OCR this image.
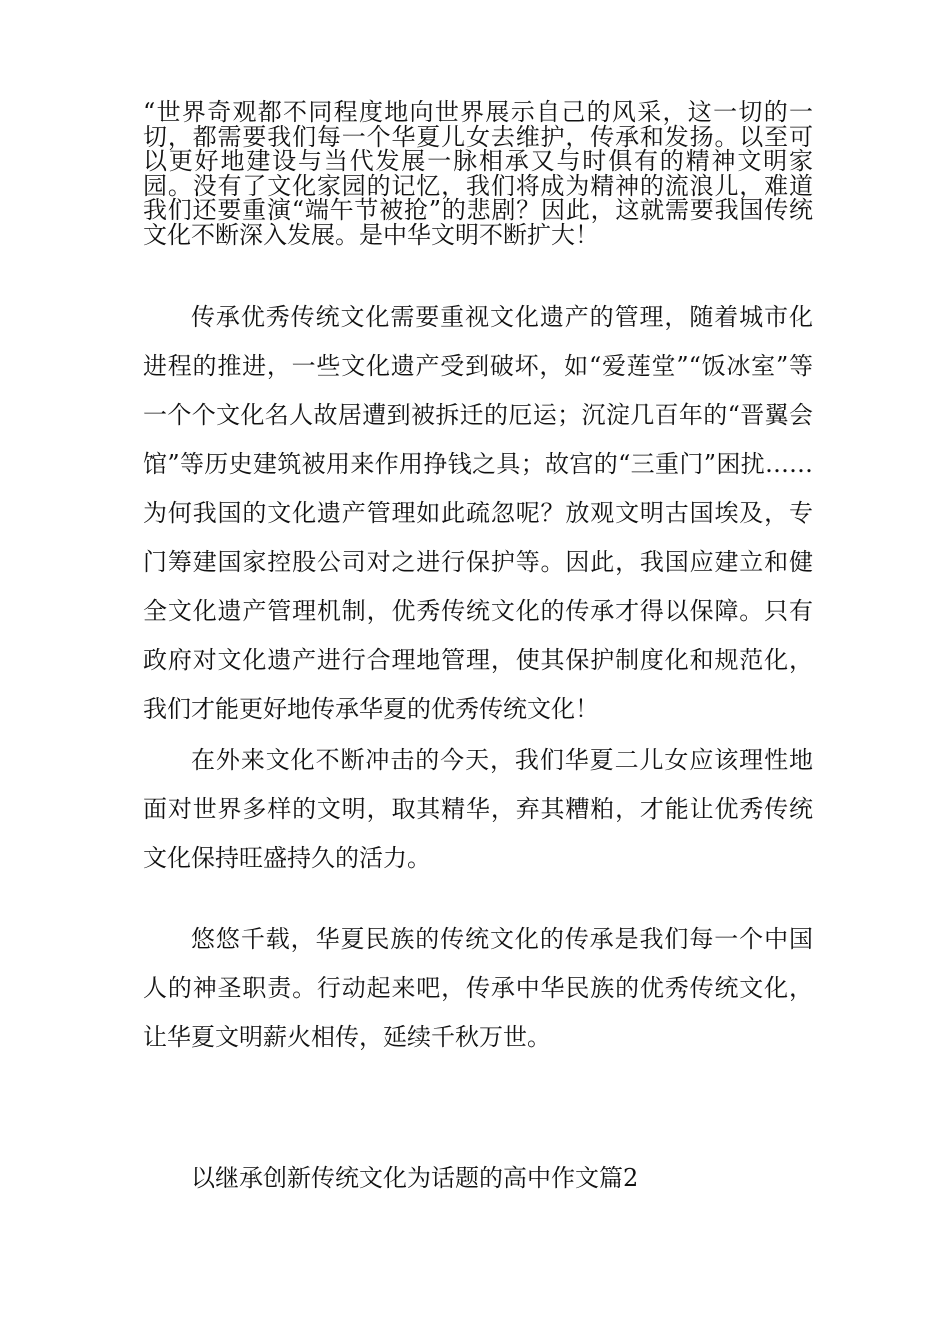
“世界奇观都不同程度地向世界展示自己的风采，这一切的一切，都需要我们每一个华夏儿女去维护，传承和发扬。以至可以更好地建设与当代发展一脉相承又与时俱有的精神文明家园。没有了文化家园的记忆，我们将成为精神的流浪儿，难道我们还要重演“端午节被抢”的悲剧？因此，这就需要我国传统文化不断深入发展。是中华文明不断扩大！

传承优秀传统文化需要重视文化遗产的管理，随着城市化进程的推进，一些文化遗产受到破坏，如“爱莲堂”“饭冰室”等一个个文化名人故居遭到被拆迁的厄运；沉淀几百年的“晋翼会馆”等历史建筑被用来作用挣钱之具；故宫的“三重门”困扰……为何我国的文化遗产管理如此疏忽呢？放观文明古国埃及，专门筹建国家控股公司对之进行保护等。因此，我国应建立和健全文化遗产管理机制，优秀传统文化的传承才得以保障。只有政府对文化遗产进行合理地管理，使其保护制度化和规范化，我们才能更好地传承华夏的优秀传统文化！

在外来文化不断冲击的今天，我们华夏二儿女应该理性地面对世界多样的文明，取其精华，弃其糟粕，才能让优秀传统文化保持旺盛持久的活力。

悠悠千载，华夏民族的传统文化的传承是我们每一个中国人的神圣职责。行动起来吧，传承中华民族的优秀传统文化，让华夏文明薪火相传，延续千秋万世。

以继承创新传统文化为话题的高中作文篇2
